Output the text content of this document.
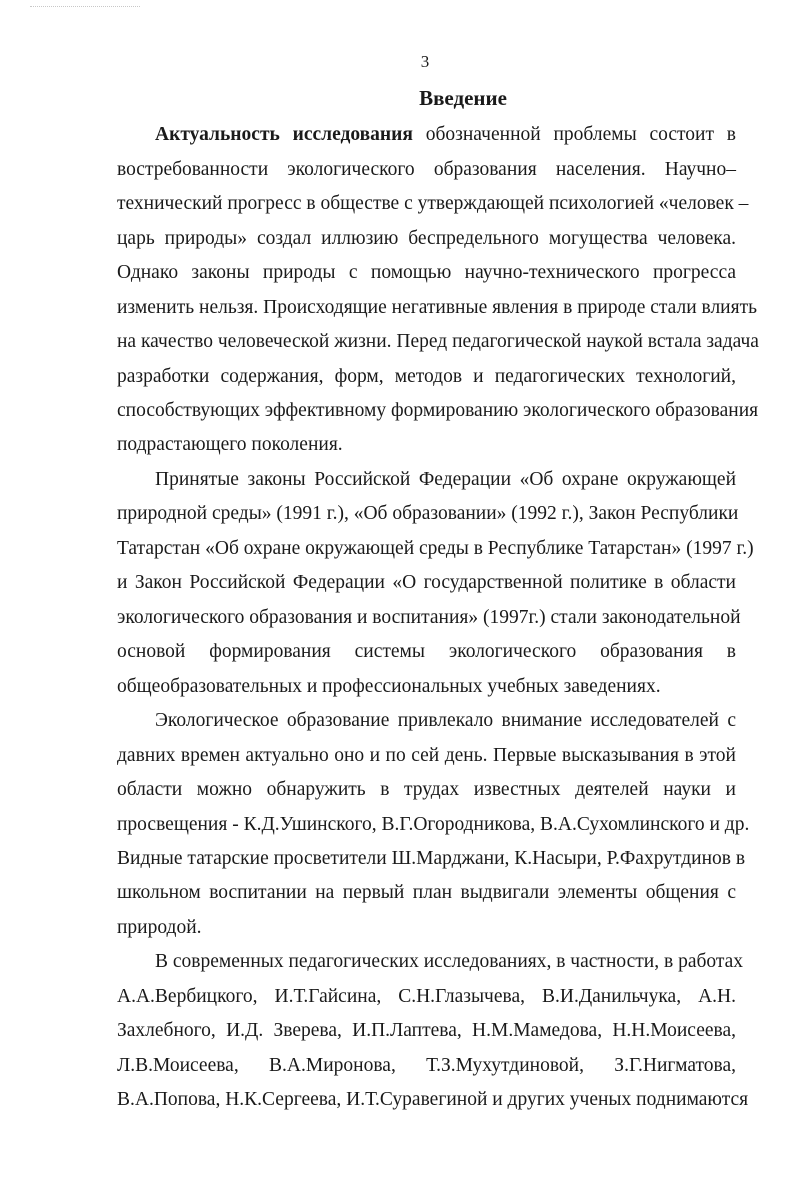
3
Введение
Актуальность исследования обозначенной проблемы состоит в
востребованности экологического образования населения. Научно–
технический прогресс в обществе с утверждающей психологией «человек –
царь природы» создал иллюзию беспредельного могущества человека.
Однако законы природы с помощью научно-технического прогресса
изменить нельзя. Происходящие негативные явления в природе стали влиять
на качество человеческой жизни. Перед педагогической наукой встала задача
разработки содержания, форм, методов и педагогических технологий,
способствующих эффективному формированию экологического образования
подрастающего поколения.
Принятые законы Российской Федерации «Об охране окружающей
природной среды» (1991 г.), «Об образовании» (1992 г.), Закон Республики
Татарстан «Об охране окружающей среды в Республике Татарстан» (1997 г.)
и Закон Российской Федерации «О государственной политике в области
экологического образования и воспитания» (1997г.) стали законодательной
основой формирования системы экологического образования в
общеобразовательных и профессиональных учебных заведениях.
Экологическое образование привлекало внимание исследователей с
давних времен актуально оно и по сей день. Первые высказывания в этой
области можно обнаружить в трудах известных деятелей науки и
просвещения - К.Д.Ушинского, В.Г.Огородникова, В.А.Сухомлинского и др.
Видные татарские просветители Ш.Марджани, К.Насыри, Р.Фахрутдинов в
школьном воспитании на первый план выдвигали элементы общения с
природой.
В современных педагогических исследованиях, в частности, в работах
А.А.Вербицкого, И.Т.Гайсина, С.Н.Глазычева, В.И.Данильчука, А.Н.
Захлебного, И.Д. Зверева, И.П.Лаптева, Н.М.Мамедова, Н.Н.Моисеева,
Л.В.Моисеева, В.А.Миронова, Т.З.Мухутдиновой, З.Г.Нигматова,
В.А.Попова, Н.К.Сергеева, И.Т.Суравегиной и других ученых поднимаются
